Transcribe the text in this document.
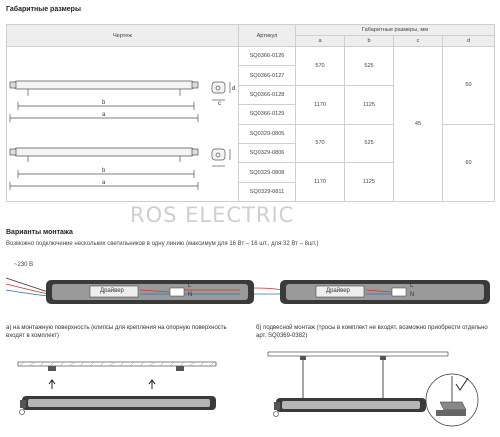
Габаритные размеры
Чертеж	Артикул	Габаритные размеры, мм			
		a	b	c	d
	SQ0366-0126	570	525	45	50
	SQ0366-0127				
	SQ0366-0128	1170	1125		
	SQ0366-0129				
	SQ0329-0805	570	525		60
	SQ0329-0806				
	SQ0329-0808	1170	1125		
	SQ0329-0811				
b
a
c
d
b
a
ROS ELECTRIC
Варианты монтажа
Возможно подключение нескольких светильников в одну линию (максимум для 16 Вт – 16 шт., для 32 Вт – 8шт.)
~230 В
Драйвер	Драйвер
L
N
L
N
а) на монтажную поверхность (клипсы для крепления на опорную поверхность входят в комплект)
б) подвесной монтаж (тросы в комплект не входят, возможно приобрести отдельно арт. SQ0369-0382)
